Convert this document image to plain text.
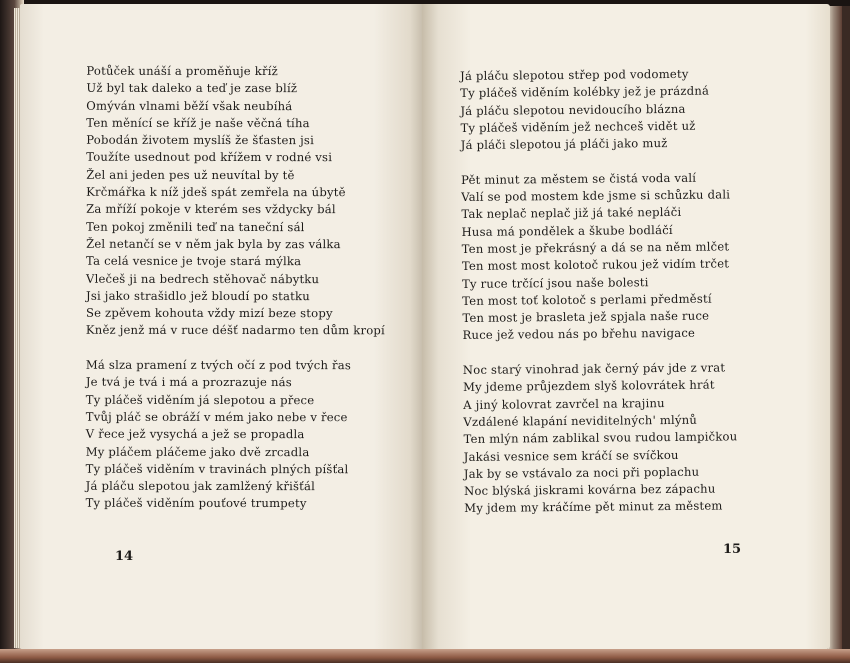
Potůček unáší a proměňuje kříž
Už byl tak daleko a teď je zase blíž
Omýván vlnami běží však neubíhá
Ten měnící se kříž je naše věčná tíha
Pobodán životem myslíš že šťasten jsi
Toužíte usednout pod křížem v rodné vsi
Žel ani jeden pes už neuvítal by tě
Krčmářka k níž jdeš spát zemřela na úbytě
Za mříží pokoje v kterém ses vždycky bál
Ten pokoj změnili teď na taneční sál
Žel netančí se v něm jak byla by zas válka
Ta celá vesnice je tvoje stará mýlka
Vlečeš ji na bedrech stěhovač nábytku
Jsi jako strašidlo jež bloudí po statku
Se zpěvem kohouta vždy mizí beze stopy
Kněz jenž má v ruce déšť nadarmo ten dům kropí
Má slza pramení z tvých očí z pod tvých řas
Je tvá je tvá i má a prozrazuje nás
Ty pláčeš viděním já slepotou a přece
Tvůj pláč se obráží v mém jako nebe v řece
V řece jež vysychá a jež se propadla
My pláčem pláčeme jako dvě zrcadla
Ty pláčeš viděním v travinách plných píšťal
Já pláču slepotou jak zamlžený křišťál
Ty pláčeš viděním pouťové trumpety
Já pláču slepotou střep pod vodomety
Ty pláčeš viděním kolébky jež je prázdná
Já pláču slepotou nevidoucího blázna
Ty pláčeš viděním jež nechceš vidět už
Já pláči slepotou já pláči jako muž
Pět minut za městem se čistá voda valí
Valí se pod mostem kde jsme si schůzku dali
Tak neplač neplač již já také nepláči
Husa má pondělek a škube bodláčí
Ten most je překrásný a dá se na něm mlčet
Ten most most kolotoč rukou jež vidím trčet
Ty ruce trčící jsou naše bolesti
Ten most toť kolotoč s perlami předměstí
Ten most je brasleta jež spjala naše ruce
Ruce jež vedou nás po břehu navigace
Noc starý vinohrad jak černý páv jde z vrat
My jdeme průjezdem slyš kolovrátek hrát
A jiný kolovrat zavrčel na krajinu
Vzdálené klapání neviditelných' mlýnů
Ten mlýn nám zablikal svou rudou lampičkou
Jakási vesnice sem kráčí se svíčkou
Jak by se vstávalo za noci při poplachu
Noc blýská jiskrami kovárna bez zápachu
My jdem my kráčíme pět minut za městem
14	15
